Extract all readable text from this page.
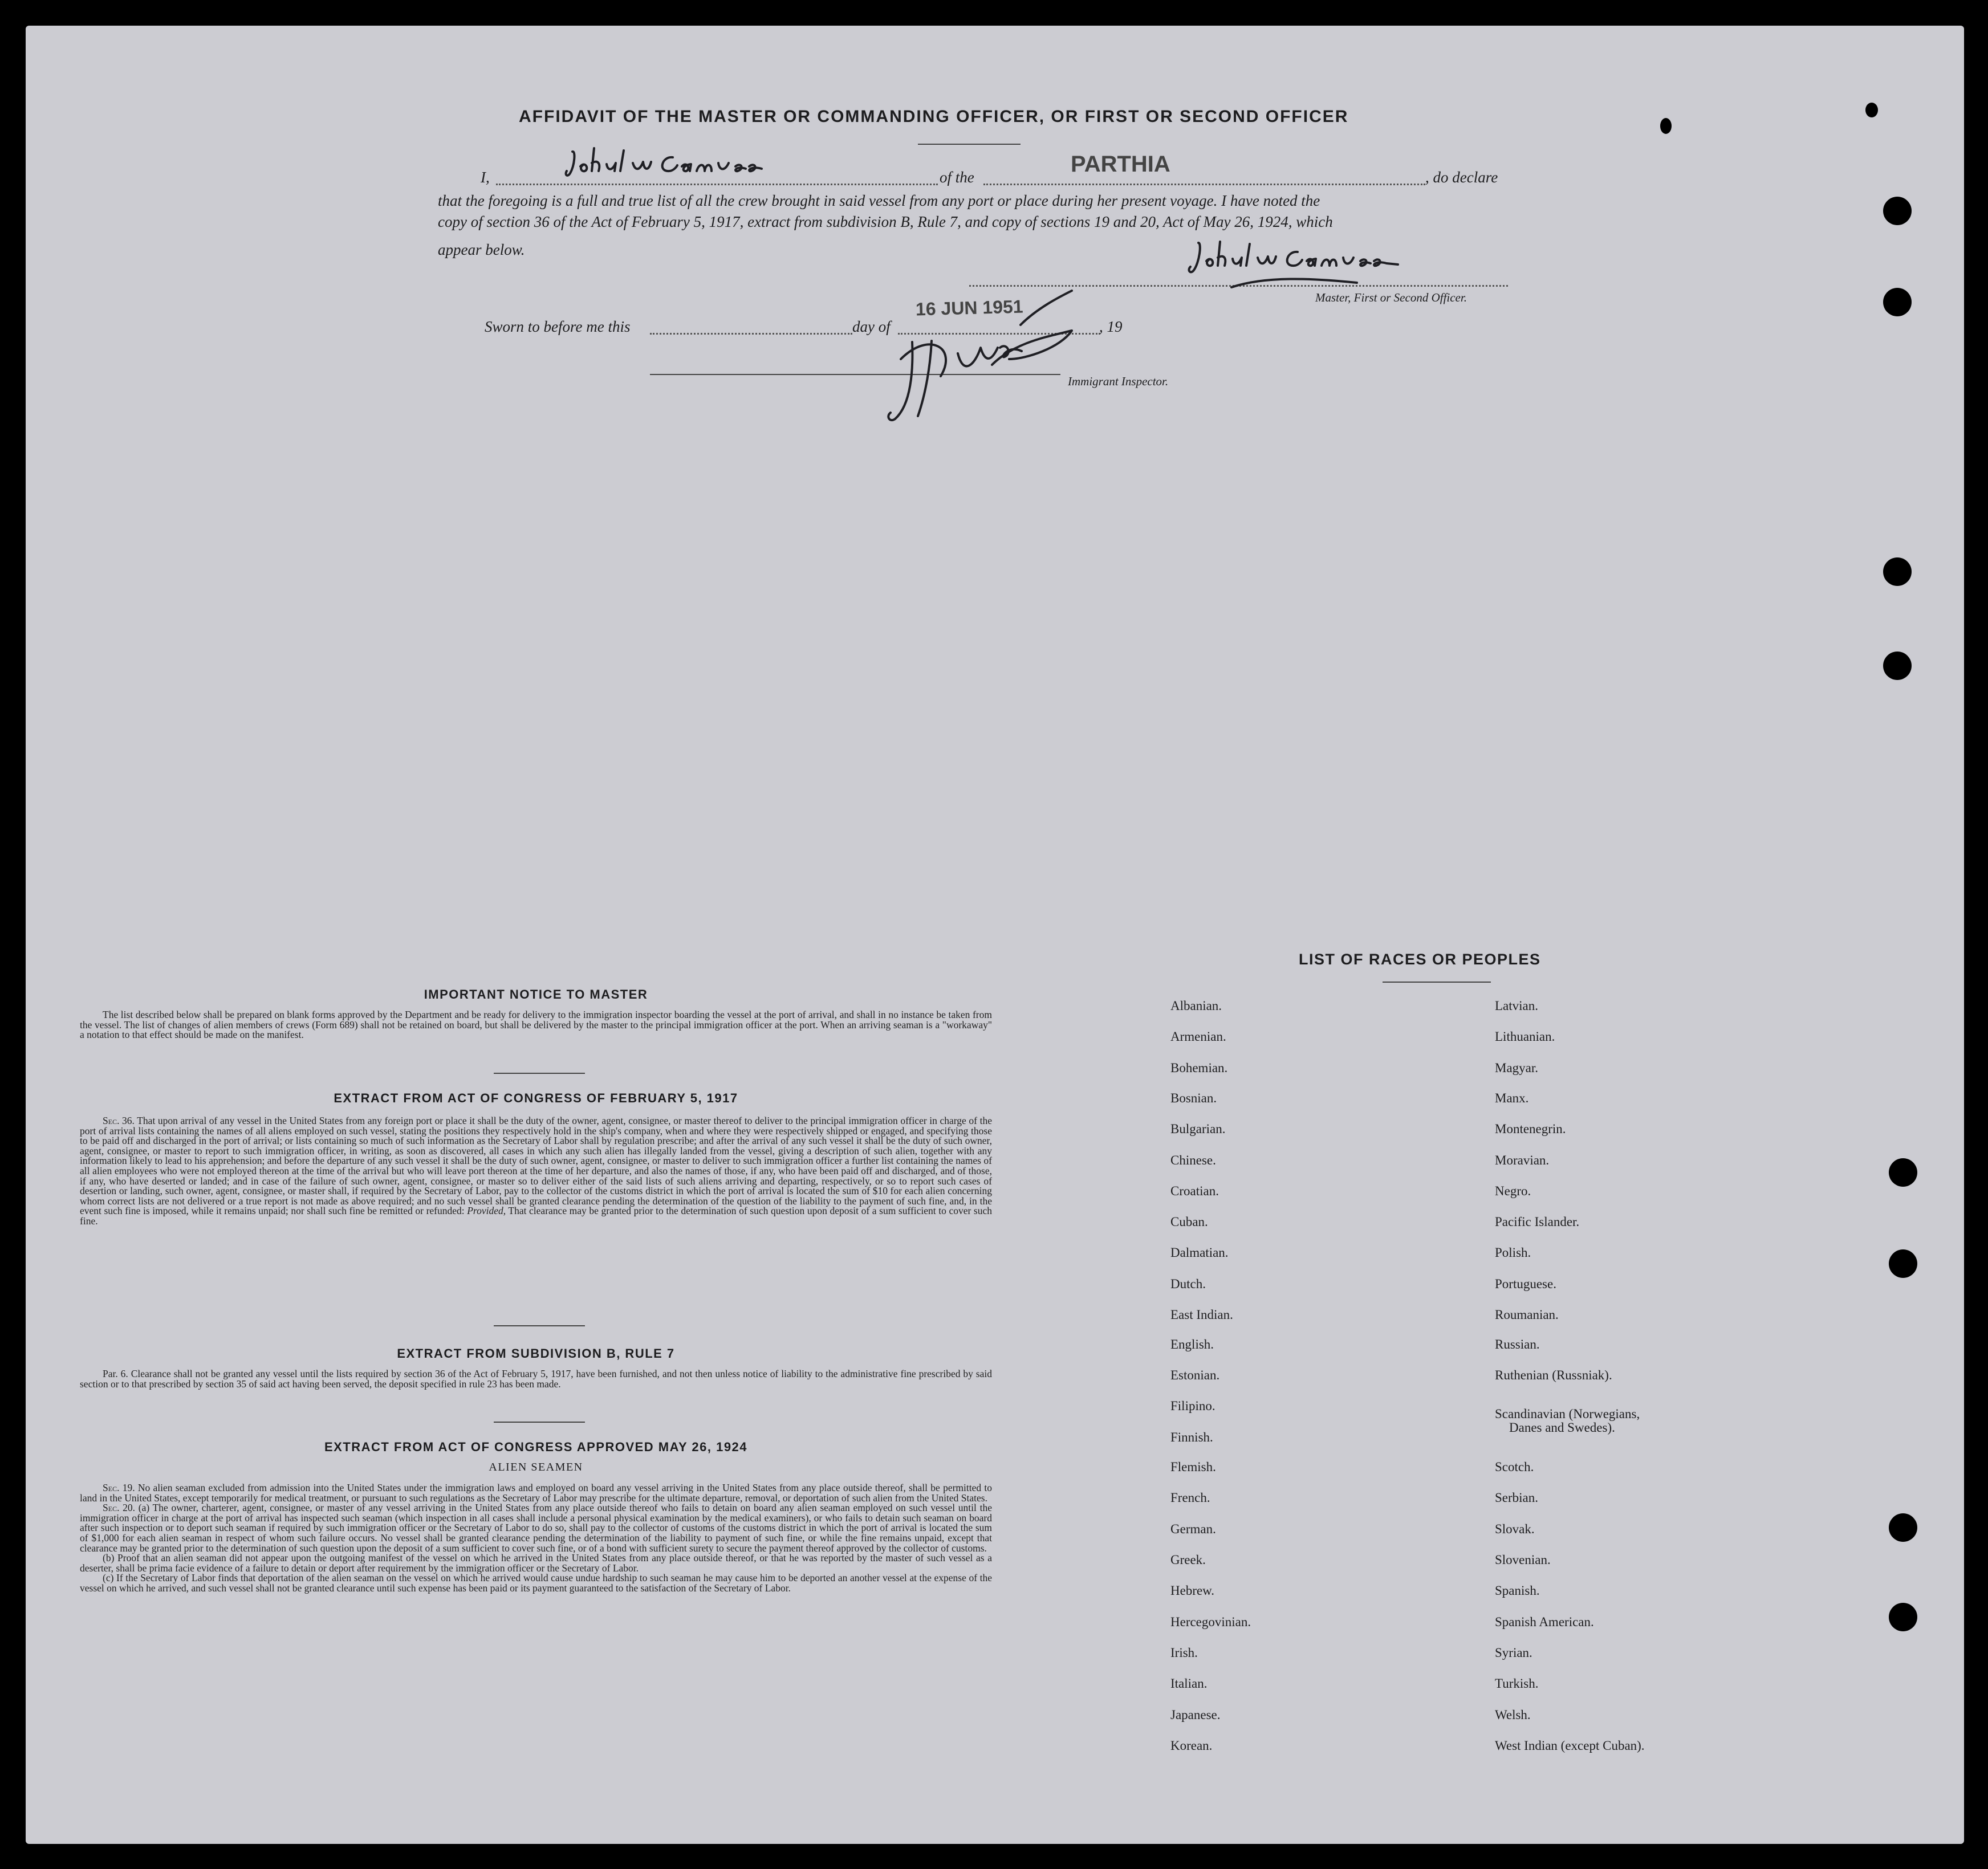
AFFIDAVIT OF THE MASTER OR COMMANDING OFFICER, OR FIRST OR SECOND OFFICER
I,	of the
PARTHIA
, do declare
that the foregoing is a full and true list of all the crew brought in said vessel from any port or place during her present voyage. I have noted the
copy of section 36 of the Act of February 5, 1917, extract from subdivision B, Rule 7, and copy of sections 19 and 20, Act of May 26, 1924, which
appear below.
Master, First or Second Officer.
Sworn to before me this	day of
16 JUN 1951
, 19
Immigrant Inspector.
IMPORTANT NOTICE TO MASTER

The list described below shall be prepared on blank forms approved by the Department and be ready for delivery to the immigration inspector boarding the vessel at the port of arrival, and shall in no instance be taken from the vessel. The list of changes of alien members of crews (Form 689) shall not be retained on board, but shall be delivered by the master to the principal immigration officer at the port. When an arriving seaman is a "workaway" a notation to that effect should be made on the manifest.

EXTRACT FROM ACT OF CONGRESS OF FEBRUARY 5, 1917

Sec. 36. That upon arrival of any vessel in the United States from any foreign port or place it shall be the duty of the owner, agent, consignee, or master thereof to deliver to the principal immigration officer in charge of the port of arrival lists containing the names of all aliens employed on such vessel, stating the positions they respectively hold in the ship's company, when and where they were respectively shipped or engaged, and specifying those to be paid off and discharged in the port of arrival; or lists containing so much of such information as the Secretary of Labor shall by regulation prescribe; and after the arrival of any such vessel it shall be the duty of such owner, agent, consignee, or master to report to such immigration officer, in writing, as soon as discovered, all cases in which any such alien has illegally landed from the vessel, giving a description of such alien, together with any information likely to lead to his apprehension; and before the departure of any such vessel it shall be the duty of such owner, agent, consignee, or master to deliver to such immigration officer a further list containing the names of all alien employees who were not employed thereon at the time of the arrival but who will leave port thereon at the time of her departure, and also the names of those, if any, who have been paid off and discharged, and of those, if any, who have deserted or landed; and in case of the failure of such owner, agent, consignee, or master so to deliver either of the said lists of such aliens arriving and departing, respectively, or so to report such cases of desertion or landing, such owner, agent, consignee, or master shall, if required by the Secretary of Labor, pay to the collector of the customs district in which the port of arrival is located the sum of $10 for each alien concerning whom correct lists are not delivered or a true report is not made as above required; and no such vessel shall be granted clearance pending the determination of the question of the liability to the payment of such fine, and, in the event such fine is imposed, while it remains unpaid; nor shall such fine be remitted or refunded: Provided, That clearance may be granted prior to the determination of such question upon deposit of a sum sufficient to cover such fine.

EXTRACT FROM SUBDIVISION B, RULE 7

Par. 6. Clearance shall not be granted any vessel until the lists required by section 36 of the Act of February 5, 1917, have been furnished, and not then unless notice of liability to the administrative fine prescribed by said section or to that prescribed by section 35 of said act having been served, the deposit specified in rule 23 has been made.

EXTRACT FROM ACT OF CONGRESS APPROVED MAY 26, 1924
ALIEN SEAMEN

Sec. 19. No alien seaman excluded from admission into the United States under the immigration laws and employed on board any vessel arriving in the United States from any place outside thereof, shall be permitted to land in the United States, except temporarily for medical treatment, or pursuant to such regulations as the Secretary of Labor may prescribe for the ultimate departure, removal, or deportation of such alien from the United States.

Sec. 20. (a) The owner, charterer, agent, consignee, or master of any vessel arriving in the United States from any place outside thereof who fails to detain on board any alien seaman employed on such vessel until the immigration officer in charge at the port of arrival has inspected such seaman (which inspection in all cases shall include a personal physical examination by the medical examiners), or who fails to detain such seaman on board after such inspection or to deport such seaman if required by such immigration officer or the Secretary of Labor to do so, shall pay to the collector of customs of the customs district in which the port of arrival is located the sum of $1,000 for each alien seaman in respect of whom such failure occurs. No vessel shall be granted clearance pending the determination of the liability to payment of such fine, or while the fine remains unpaid, except that clearance may be granted prior to the determination of such question upon the deposit of a sum sufficient to cover such fine, or of a bond with sufficient surety to secure the payment thereof approved by the collector of customs.

(b) Proof that an alien seaman did not appear upon the outgoing manifest of the vessel on which he arrived in the United States from any place outside thereof, or that he was reported by the master of such vessel as a deserter, shall be prima facie evidence of a failure to detain or deport after requirement by the immigration officer or the Secretary of Labor.

(c) If the Secretary of Labor finds that deportation of the alien seaman on the vessel on which he arrived would cause undue hardship to such seaman he may cause him to be deported an another vessel at the expense of the vessel on which he arrived, and such vessel shall not be granted clearance until such expense has been paid or its payment guaranteed to the satisfaction of the Secretary of Labor.

LIST OF RACES OR PEOPLES
Albanian.
Armenian.
Bohemian.
Bosnian.
Bulgarian.
Chinese.
Croatian.
Cuban.
Dalmatian.
Dutch.
East Indian.
English.
Estonian.
Filipino.
Finnish.
Flemish.
French.
German.
Greek.
Hebrew.
Hercegovinian.
Irish.
Italian.
Japanese.
Korean.
Latvian.
Lithuanian.
Magyar.
Manx.
Montenegrin.
Moravian.
Negro.
Pacific Islander.
Polish.
Portuguese.
Roumanian.
Russian.
Ruthenian (Russniak).
Scandinavian (Norwegians,
Danes and Swedes).
Scotch.
Serbian.
Slovak.
Slovenian.
Spanish.
Spanish American.
Syrian.
Turkish.
Welsh.
West Indian (except Cuban).
